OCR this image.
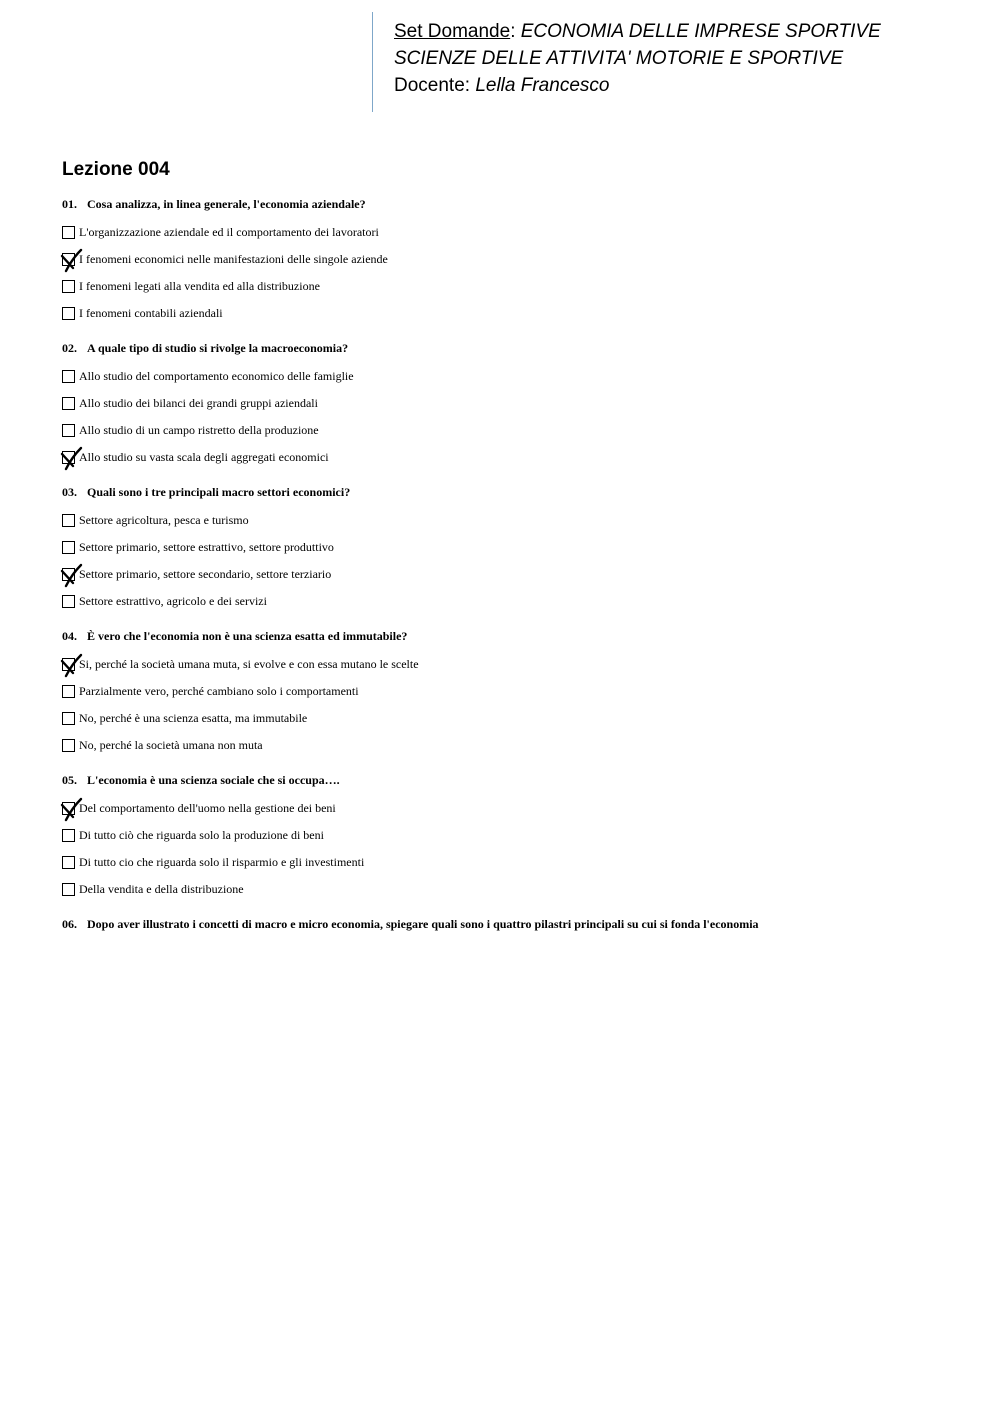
Set Domande: ECONOMIA DELLE IMPRESE SPORTIVE
SCIENZE DELLE ATTIVITA' MOTORIE E SPORTIVE
Docente: Lella Francesco
Lezione 004
01. Cosa analizza, in linea generale, l'economia aziendale?
L'organizzazione aziendale ed il comportamento dei lavoratori
I fenomeni economici nelle manifestazioni delle singole aziende
I fenomeni legati alla vendita ed alla distribuzione
I fenomeni contabili aziendali
02. A quale tipo di studio si rivolge la macroeconomia?
Allo studio del comportamento economico delle famiglie
Allo studio dei bilanci dei grandi gruppi aziendali
Allo studio di un campo ristretto della produzione
Allo studio su vasta scala degli aggregati economici
03. Quali sono i tre principali macro settori economici?
Settore agricoltura, pesca e turismo
Settore primario, settore estrattivo, settore produttivo
Settore primario, settore secondario, settore terziario
Settore estrattivo, agricolo e dei servizi
04. È vero che l'economia non è una scienza esatta ed immutabile?
Si, perché la società umana muta, si evolve e con essa mutano le scelte
Parzialmente vero, perché cambiano solo i comportamenti
No, perché è una scienza esatta, ma immutabile
No, perché la società umana non muta
05. L'economia è una scienza sociale che si occupa….
Del comportamento dell'uomo nella gestione dei beni
Di tutto ciò che riguarda solo la produzione di beni
Di tutto cio che riguarda solo il risparmio e gli investimenti
Della vendita e della distribuzione
06. Dopo aver illustrato i concetti di macro e micro economia, spiegare quali sono i quattro pilastri principali su cui si fonda l'economia
